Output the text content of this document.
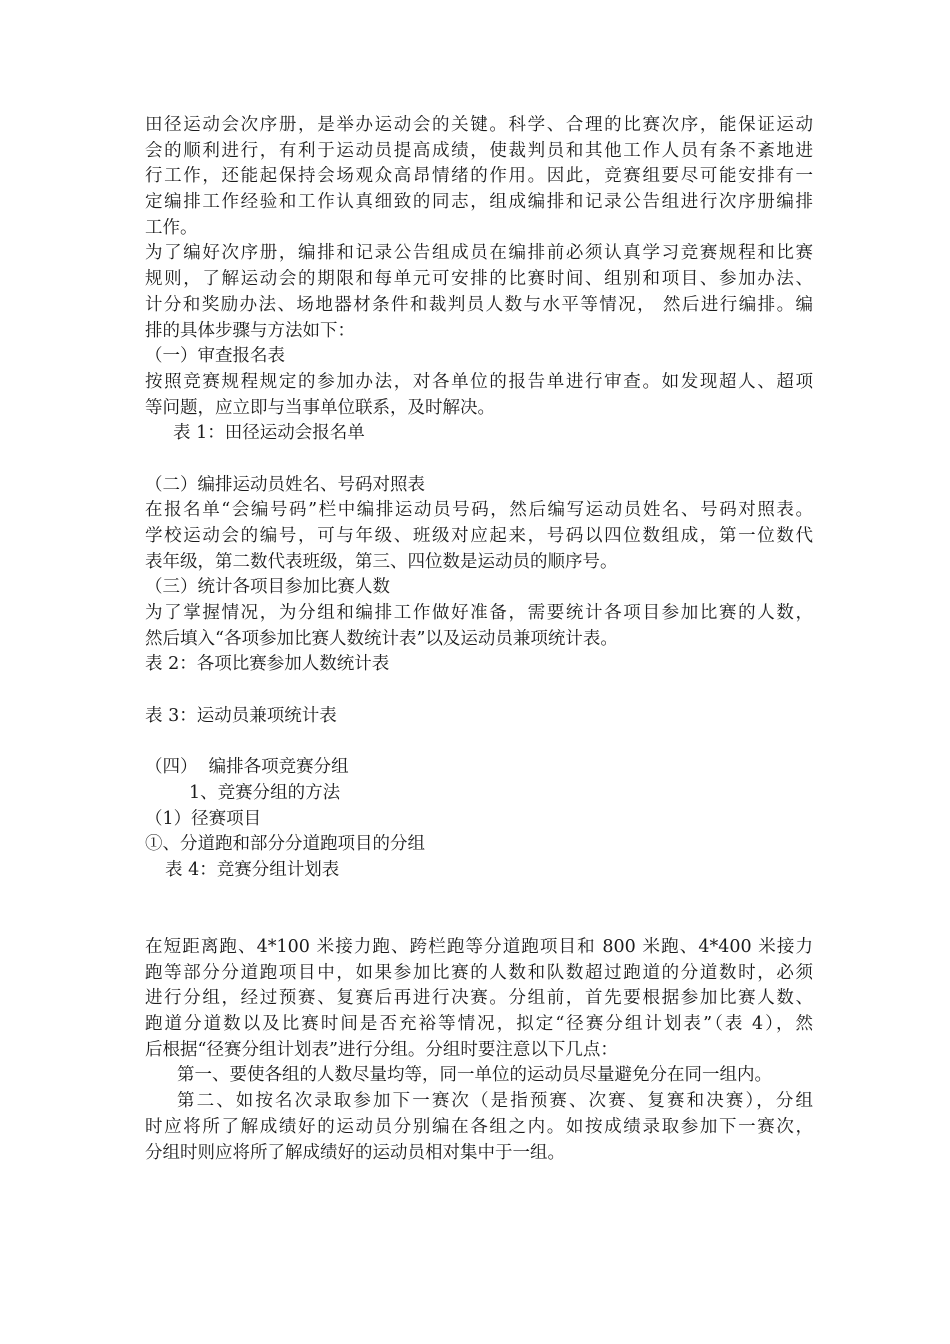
田径运动会次序册，是举办运动会的关键。科学、合理的比赛次序，能保证运动

会的顺利进行，有利于运动员提高成绩，使裁判员和其他工作人员有条不紊地进

行工作，还能起保持会场观众高昂情绪的作用。因此，竞赛组要尽可能安排有一

定编排工作经验和工作认真细致的同志，组成编排和记录公告组进行次序册编排

工作。

为了编好次序册，编排和记录公告组成员在编排前必须认真学习竞赛规程和比赛

规则，了解运动会的期限和每单元可安排的比赛时间、组别和项目、参加办法、

计分和奖励办法、场地器材条件和裁判员人数与水平等情况， 然后进行编排。编

排的具体步骤与方法如下：

（一）审查报名表

按照竞赛规程规定的参加办法，对各单位的报告单进行审查。如发现超人、超项

等问题，应立即与当事单位联系，及时解决。

表 1：田径运动会报名单

（二）编排运动员姓名、号码对照表

在报名单“会编号码”栏中编排运动员号码，然后编写运动员姓名、号码对照表。

学校运动会的编号，可与年级、班级对应起来，号码以四位数组成，第一位数代

表年级，第二数代表班级，第三、四位数是运动员的顺序号。

（三）统计各项目参加比赛人数

为了掌握情况，为分组和编排工作做好准备，需要统计各项目参加比赛的人数，

然后填入“各项参加比赛人数统计表”以及运动员兼项统计表。

表 2：各项比赛参加人数统计表

表 3：运动员兼项统计表

（四）  编排各项竞赛分组

1、竞赛分组的方法

（1）径赛项目

①、分道跑和部分分道跑项目的分组

表 4：竞赛分组计划表

在短距离跑、4*100 米接力跑、跨栏跑等分道跑项目和 800 米跑、4*400 米接力

跑等部分分道跑项目中，如果参加比赛的人数和队数超过跑道的分道数时，必须

进行分组，经过预赛、复赛后再进行决赛。分组前，首先要根据参加比赛人数、

跑道分道数以及比赛时间是否充裕等情况，拟定“径赛分组计划表”（表 4），然

后根据“径赛分组计划表”进行分组。分组时要注意以下几点：

第一、要使各组的人数尽量均等，同一单位的运动员尽量避免分在同一组内。

第二、如按名次录取参加下一赛次（是指预赛、次赛、复赛和决赛），分组

时应将所了解成绩好的运动员分别编在各组之内。如按成绩录取参加下一赛次，

分组时则应将所了解成绩好的运动员相对集中于一组。
